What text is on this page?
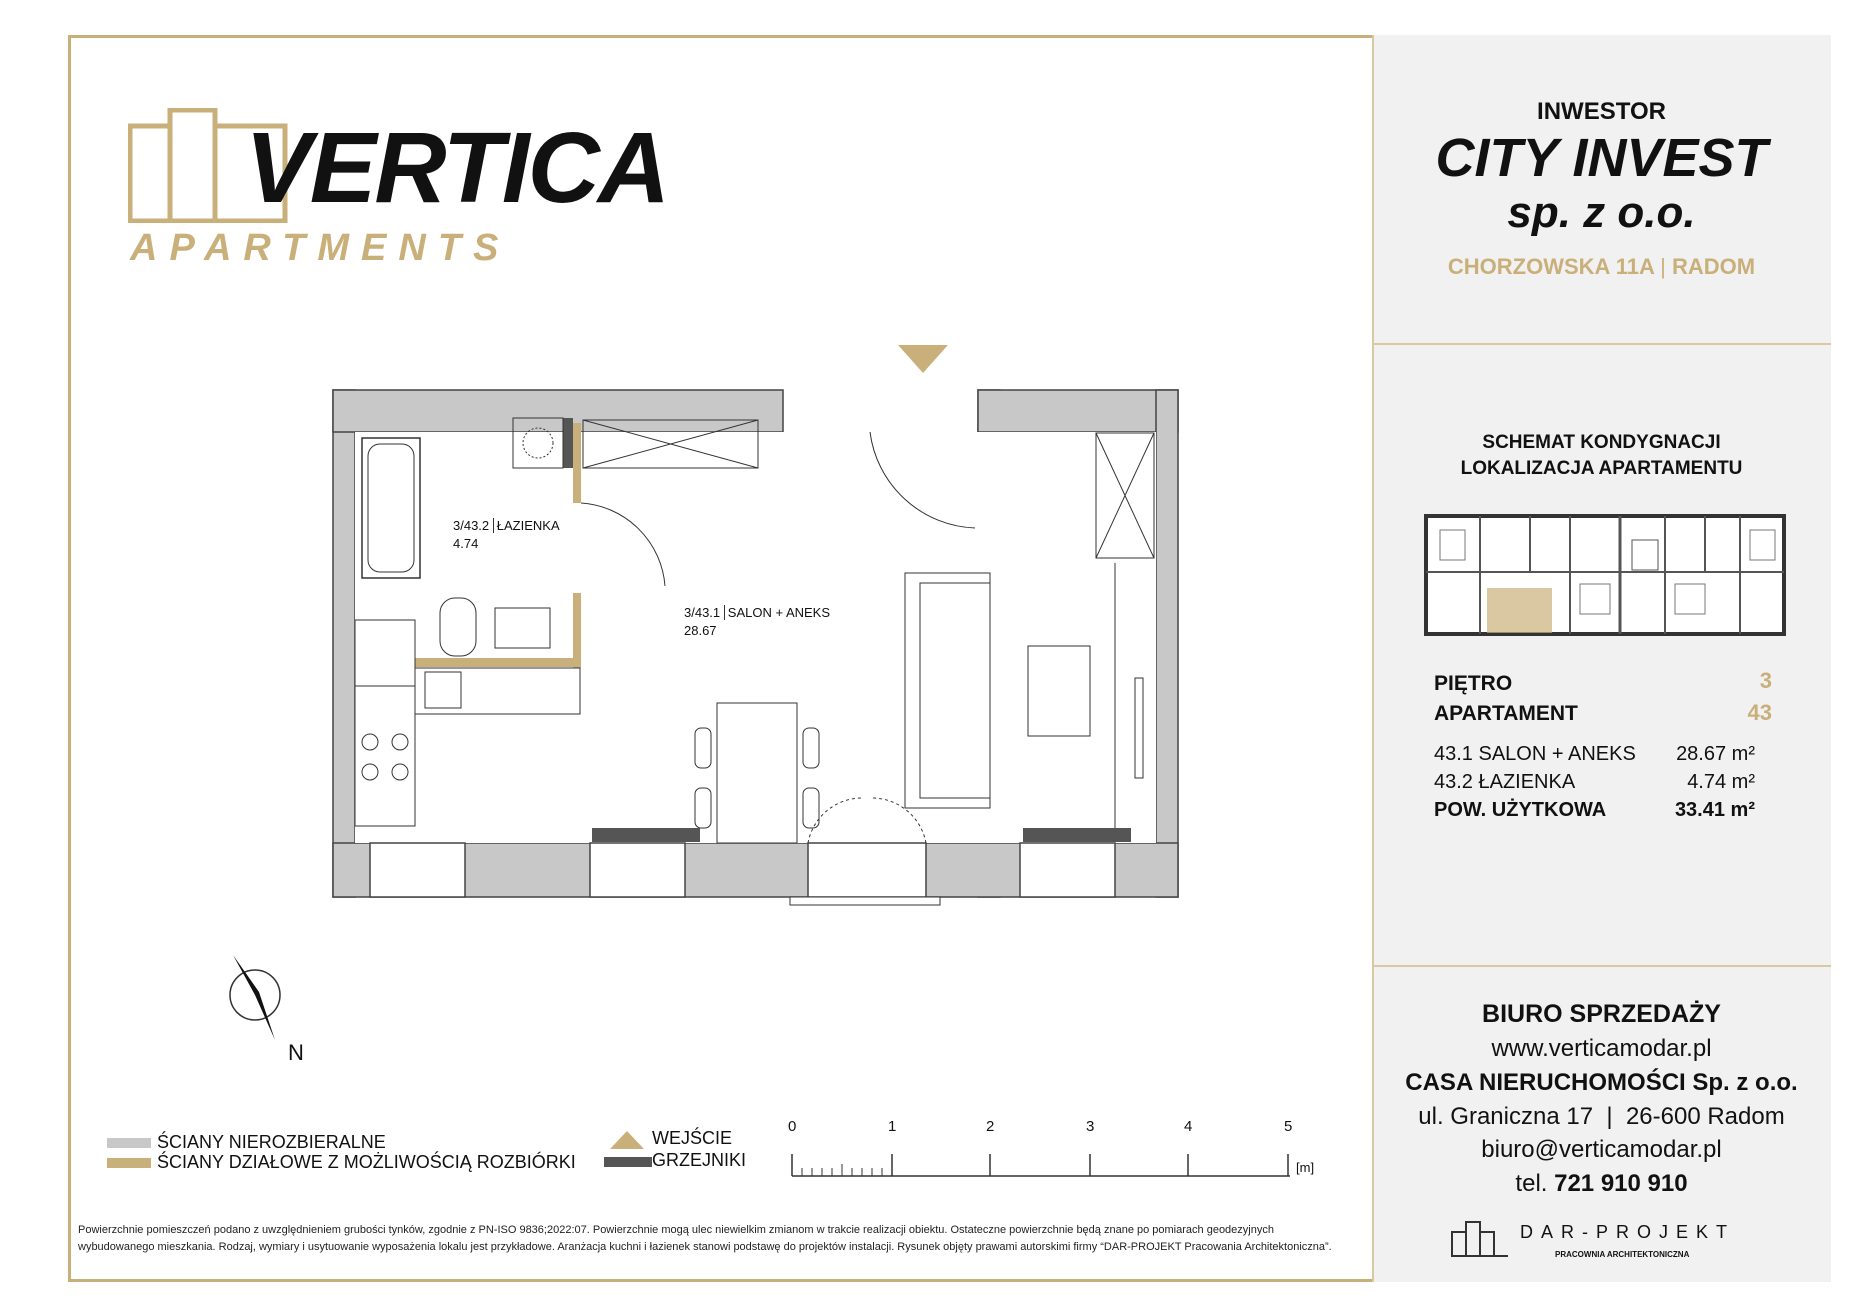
VERTICA
APARTMENTS
INWESTOR
CITY INVEST
sp. z o.o.
CHORZOWSKA 11A | RADOM
SCHEMAT KONDYGNACJI
LOKALIZACJA APARTAMENTU
PIĘTRO	3
APARTAMENT	43
43.1 SALON + ANEKS	28.67 m²
43.2 ŁAZIENKA	4.74 m²
POW. UŻYTKOWA	33.41 m²
BIURO SPRZEDAŻY
www.verticamodar.pl
CASA NIERUCHOMOŚCI Sp. z o.o.
ul. Graniczna 17  |  26-600 Radom
biuro@verticamodar.pl
tel. 721 910 910
DAR-PROJEKT
PRACOWNIA ARCHITEKTONICZNA
3/43.2 ŁAZIENKA
4.74
3/43.1 SALON + ANEKS
28.67
N
ŚCIANY NIEROZBIERALNE
ŚCIANY DZIAŁOWE Z MOŻLIWOŚCIĄ ROZBIÓRKI
WEJŚCIE
GRZEJNIKI
0	1	2	3	4	5
[m]
Powierzchnie pomieszczeń podano z uwzględnieniem grubości tynków, zgodnie z PN-ISO 9836;2022:07. Powierzchnie mogą ulec niewielkim zmianom w trakcie realizacji obiektu. Ostateczne powierzchnie będą znane po pomiarach geodezyjnych wybudowanego mieszkania. Rodzaj, wymiary i usytuowanie wyposażenia lokalu jest przykładowe. Aranżacja kuchni i łazienek stanowi podstawę do projektów instalacji. Rysunek objęty prawami autorskimi firmy “DAR-PROJEKT Pracowania Architektoniczna”.
